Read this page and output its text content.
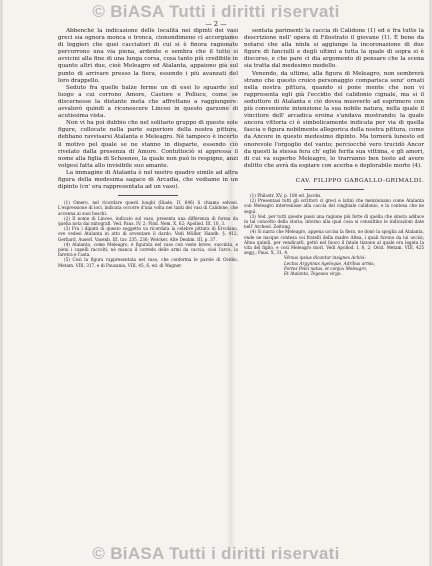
© BiASA Tutti i diritti riservati
— 2 —

Abbenchè la indicazione delle località nei dipinti dei vasi greci sia ognora monca o tronca, cionondimeno ci accorgiamo di leggieri che quei cacciatori di cui si è finora ragionato percorrono una via piena, ardente e sembra che il tutto si avvicini alla fine di una lunga corsa, cosa tanto più credibile in quanto altri due, cioè Meleagro ed Atalanta, appaiono già sul punto di arrivare presso la fiera, essendo i più avanzati del loro drappello.

Seduto fra quelle balze ferme un di essi lo sguardo sul luogo a cui corrono Amore, Castore e Polluce, come se discernesse la distante meta che affrettano a raggiungere: avvalorò quindi a riconoscere Linceo in questo garzone di acutissima vista.

Non vi ha poi dubbio che nel solitario gruppo di queste sole figure, collocate nella parte superiore della nostra pittura, debbano ravvisarsi Atalanta e Meleagro. Nè tampoco è incerto il motivo pel quale se ne stanno in disparte, essendo ciò rivelato dalla presenza di Amore. Contuttociò si appressa il nome alla figlia di Schoeneo, la quale non può lo respigne, anzi volgesi fatta allo invisibile suo amante.

La immagine di Atalanta è nel nostro quadro simile ad altra figura della medesima sagace di Arcadia, che vediamo in un dipinto (cn' era rappresentata ad un vaso).

(1) Omero, nel ricordare questi luoghi (Iliade, II, 646) li chiama selvosi. L'espressione di loci, indicata occorre d'una volta nei tanti dei vasi di Calidone, che accenna ai suoi boschi.

(2) Il nome di Linceo, indicato sul vaso, presenta una differenza di forma da quella nota dai mitografi. Ved. Paus. IV, 2; Pind. Nem. X, 62; Apollod. III, 10, 3.

(3) Fra i dipinti di questo soggetto va ricordata la celebre pittura di Ercolano, ove vedesi Atalanta in atto di avventare il dardo. Vedi Müller, Handb. §. 412; Gerhard, Auserl. Vasenb. III, tav. 235, 236; Welcker, Alte Denkm. III, p. 37.

(4) Atalanta, come Meleagro, è figurata nel vaso con veste breve, succinta, e pieni i capelli raccolti; nè manca il corredo delle armi da caccia, cioè l'arco, la faretra e l'asta.

(5) Così la figura rappresentata nel vaso, che conferma le parole di Ovidio, Metam. VIII, 317, e di Pausania, VIII, 45, 6, ed. di Wagner.

sentata parimenti la caccia di Calidone (1) ed è fra tutte la descrizione nell' opera di Filostrato il giovane (1). È bene da notarsi che alla ninfa si aggiunge la incoronazione di due figure di fanciulli e degli ultimi a tutta la quale di sopra si è discorso, e che pare ci dia argomento di pensare che la scena sia tratta dal medesimo modello.

Venendo, da ultimo, alla figura di Meleagro, non sembrerà strano che questo croico personaggio comparisca senz' ornati nella nostra pittura, quando si pone mente che non vi rappresenta egli già l'eccidio del calidonio cignale, ma si il seduttore di Atalanta e ciò dovea muoverlo ad esprimere con più conveniente intenzione la sua nobile natura, nella quale il vincitore dell' arcadica eroina s'andava mostrando; la quale ancora vittoria ci è simbolicamente indicata per via di quella fascia o figura nobilmente allegorica della nostra pittura, come da Ancore in questo medesimo dipinto. Ma tornerà lunesto ed onorevole l'orgoglio del vanto; perciocchè vero trucidò Ancor da questi la stessa fera ch' egliè ferita sua vittima, e gli amori, di cui va superbo Meleagro, lo trarranno ben tosto ad avere delitto che avrà da espiare con acerba e deplorabile morte (4).

CAV. FILIPPO GARGALLO-GRIMALDI.

(1) Philostr. XV, p. 180 ed. Jacobs.

(2) Presentasi tutti gli scrittori ci greci e latini che menzionano come Atalanta con Meleagro intervenisse alla caccia del cinghiale calidonio, e la contesa che ne seguì.

(3) Ved. per tutti queste passi una ragione più forte di quella che sinora adduce in tal concetto della storia; intorno alla qual cosa si consultino le indicazioni date nell' Archeol. Zeitung.

(4) Si narra che Meleagro, appena uccisa la fiera, ne donò la spoglia ad Atalanta, onde ne nacque contesa coi fratelli della madre Altea, i quali furono da lui uccisi; Altea quindi, per vendicarli, gettò nel fuoco il fatale tizzone al quale era legata la vita del figlio, e così Meleagro morì. Vedi Apollod. I, 8, 2; Ovid. Metam. VIII, 425 segg.; Paus. X, 31, 4.

Vérsus ipsius dicantur insignes Achivi:
Lectus Argynnus Ageloque, Adribus armis,
Fortes Pelei natus, et conjux Meleagro,
Et Atalanta, Tegeaea virgo.
© BiASA Tutti i diritti riservati
